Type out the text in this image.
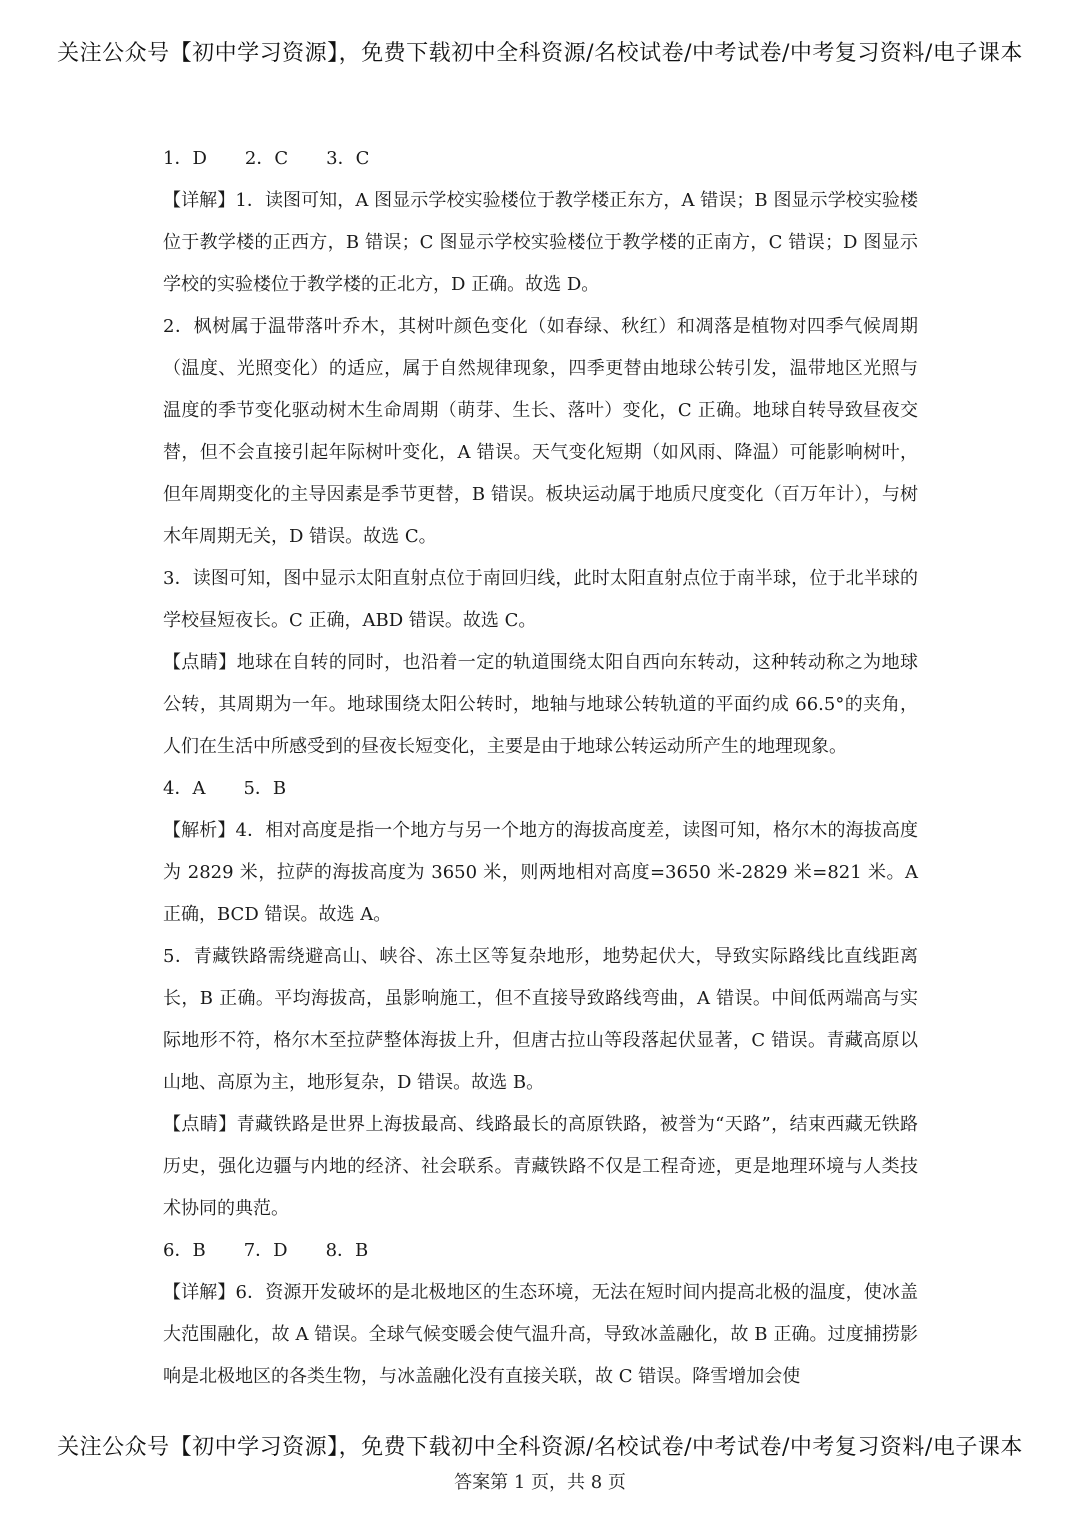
关注公众号【初中学习资源】，免费下载初中全科资源/名校试卷/中考试卷/中考复习资料/电子课本

1．D 2．C 3．C

【详解】1．读图可知，A 图显示学校实验楼位于教学楼正东方，A 错误；B 图显示学校实验楼位于教学楼的正西方，B 错误；C 图显示学校实验楼位于教学楼的正南方，C 错误；D 图显示学校的实验楼位于教学楼的正北方，D 正确。故选 D。

2．枫树属于温带落叶乔木，其树叶颜色变化（如春绿、秋红）和凋落是植物对四季气候周期（温度、光照变化）的适应，属于自然规律现象，四季更替由地球公转引发，温带地区光照与温度的季节变化驱动树木生命周期（萌芽、生长、落叶）变化，C 正确。地球自转导致昼夜交替，但不会直接引起年际树叶变化，A 错误。天气变化短期（如风雨、降温）可能影响树叶，但年周期变化的主导因素是季节更替，B 错误。板块运动属于地质尺度变化（百万年计），与树木年周期无关，D 错误。故选 C。

3．读图可知，图中显示太阳直射点位于南回归线，此时太阳直射点位于南半球，位于北半球的学校昼短夜长。C 正确，ABD 错误。故选 C。

【点睛】地球在自转的同时，也沿着一定的轨道围绕太阳自西向东转动，这种转动称之为地球公转，其周期为一年。地球围绕太阳公转时，地轴与地球公转轨道的平面约成 66.5°的夹角，人们在生活中所感受到的昼夜长短变化，主要是由于地球公转运动所产生的地理现象。

4．A 5．B

【解析】4．相对高度是指一个地方与另一个地方的海拔高度差，读图可知，格尔木的海拔高度为 2829 米，拉萨的海拔高度为 3650 米，则两地相对高度=3650 米-2829 米=821 米。A 正确，BCD 错误。故选 A。

5．青藏铁路需绕避高山、峡谷、冻土区等复杂地形，地势起伏大，导致实际路线比直线距离长，B 正确。平均海拔高，虽影响施工，但不直接导致路线弯曲，A 错误。中间低两端高与实际地形不符，格尔木至拉萨整体海拔上升，但唐古拉山等段落起伏显著，C 错误。青藏高原以山地、高原为主，地形复杂，D 错误。故选 B。

【点睛】青藏铁路是世界上海拔最高、线路最长的高原铁路，被誉为“天路”，结束西藏无铁路历史，强化边疆与内地的经济、社会联系。青藏铁路不仅是工程奇迹，更是地理环境与人类技术协同的典范。

6．B 7．D 8．B

【详解】6．资源开发破坏的是北极地区的生态环境，无法在短时间内提高北极的温度，使冰盖大范围融化，故 A 错误。全球气候变暖会使气温升高，导致冰盖融化，故 B 正确。过度捕捞影响是北极地区的各类生物，与冰盖融化没有直接关联，故 C 错误。降雪增加会使

关注公众号【初中学习资源】，免费下载初中全科资源/名校试卷/中考试卷/中考复习资料/电子课本
答案第 1 页，共 8 页
